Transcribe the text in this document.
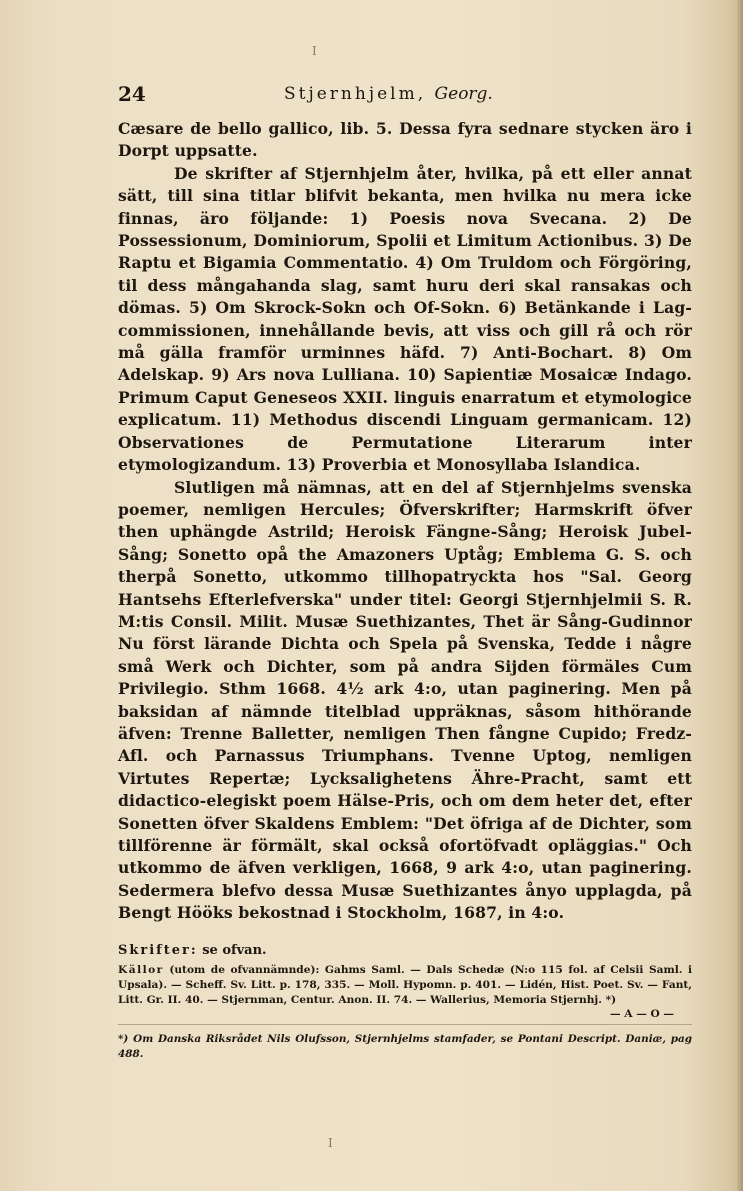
I
24	Stjernhjelm, Georg.

Cæsare de bello gallico, lib. 5. Dessa fyra sednare stycken äro i Dorpt uppsatte.

De skrifter af Stjernhjelm åter, hvilka, på ett eller annat sätt, till sina titlar blifvit bekanta, men hvilka nu mera icke finnas, äro följande: 1) Poesis nova Svecana. 2) De Possessionum, Dominiorum, Spolii et Limitum Actionibus. 3) De Raptu et Bigamia Commentatio. 4) Om Truldom och Förgöring, til dess mångahanda slag, samt huru deri skal ransakas och dömas. 5) Om Skrock-Sokn och Of-Sokn. 6) Betänkande i Lag-commissionen, innehållande bevis, att viss och gill rå och rör må gälla framför urminnes häfd. 7) Anti-Bochart. 8) Om Adelskap. 9) Ars nova Lulliana. 10) Sapientiæ Mosaicæ Indago. Primum Caput Geneseos XXII. linguis enarratum et etymologice explicatum. 11) Methodus discendi Linguam germanicam. 12) Observationes de Permutatione Literarum inter etymologizandum. 13) Proverbia et Monosyllaba Islandica.

Slutligen må nämnas, att en del af Stjernhjelms svenska poemer, nemligen Hercules; Öfverskrifter; Harmskrift öfver then uphängde Astrild; Heroisk Fängne-Sång; Heroisk Jubel-Sång; Sonetto opå the Amazoners Uptåg; Emblema G. S. och therpå Sonetto, utkommo tillhopatryckta hos "Sal. Georg Hantsehs Efterlefverska" under titel: Georgi Stjernhjelmii S. R. M:tis Consil. Milit. Musæ Suethizantes, Thet är Sång-Gudinnor Nu först lärande Dichta och Spela på Svenska, Tedde i någre små Werk och Dichter, som på andra Sijden förmäles Cum Privilegio. Sthm 1668. 4½ ark 4:o, utan paginering. Men på baksidan af nämnde titelblad uppräknas, såsom hithörande äfven: Trenne Balletter, nemligen Then fångne Cupido; Fredz-Afl. och Parnassus Triumphans. Tvenne Uptog, nemligen Virtutes Repertæ; Lycksalighetens Ähre-Pracht, samt ett didactico-elegiskt poem Hälse-Pris, och om dem heter det, efter Sonetten öfver Skaldens Emblem: "Det öfriga af de Dichter, som tillförenne är förmält, skal också ofortöfvadt opläggias." Och utkommo de äfven verkligen, 1668, 9 ark 4:o, utan paginering. Sedermera blefvo dessa Musæ Suethizantes ånyo upplagda, på Bengt Hööks bekostnad i Stockholm, 1687, in 4:o.

Skrifter: se ofvan.
Källor (utom de ofvannämnde): Gahms Saml. — Dals Schedæ (N:o 115 fol. af Celsii Saml. i Upsala). — Scheff. Sv. Litt. p. 178, 335. — Moll. Hypomn. p. 401. — Lidén, Hist. Poet. Sv. — Fant, Litt. Gr. II. 40. — Stjernman, Centur. Anon. II. 74. — Wallerius, Memoria Stjernhj. *)
— A — O —
*) Om Danska Riksrådet Nils Olufsson, Stjernhjelms stamfader, se Pontani Descript. Daniæ, pag 488.
I
